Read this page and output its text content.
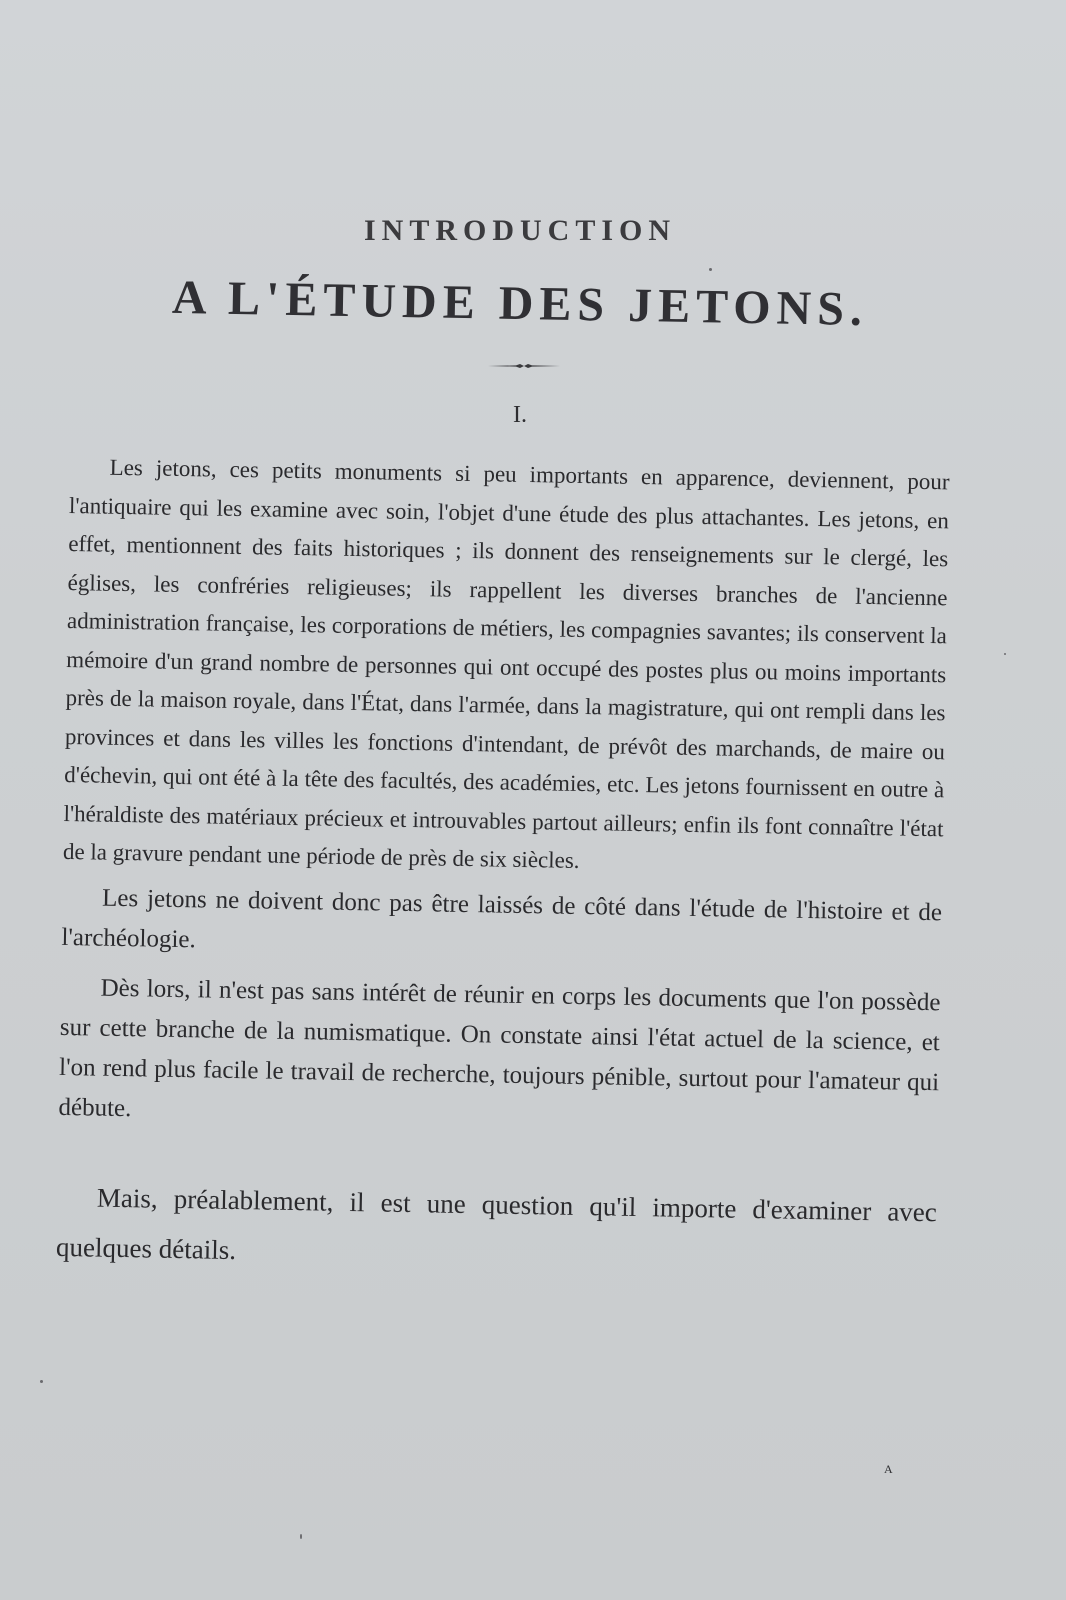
INTRODUCTION
A L'ÉTUDE DES JETONS.
I.

Les jetons, ces petits monuments si peu importants en apparence, deviennent, pour l'antiquaire qui les examine avec soin, l'objet d'une étude des plus attachantes. Les jetons, en effet, mentionnent des faits historiques ; ils donnent des renseignements sur le clergé, les églises, les confréries religieuses; ils rappellent les diverses branches de l'ancienne administration française, les corporations de métiers, les compagnies savantes; ils conservent la mémoire d'un grand nombre de personnes qui ont occupé des postes plus ou moins importants près de la maison royale, dans l'État, dans l'armée, dans la magistrature, qui ont rempli dans les provinces et dans les villes les fonctions d'intendant, de prévôt des marchands, de maire ou d'échevin, qui ont été à la tête des facultés, des académies, etc. Les jetons fournissent en outre à l'héraldiste des matériaux précieux et introuvables partout ailleurs; enfin ils font connaître l'état de la gravure pendant une période de près de six siècles.

Les jetons ne doivent donc pas être laissés de côté dans l'étude de l'histoire et de l'archéologie.

Dès lors, il n'est pas sans intérêt de réunir en corps les documents que l'on possède sur cette branche de la numismatique. On constate ainsi l'état actuel de la science, et l'on rend plus facile le travail de recherche, toujours pénible, surtout pour l'amateur qui débute.

Mais, préalablement, il est une question qu'il importe d'examiner avec quelques détails.

A
